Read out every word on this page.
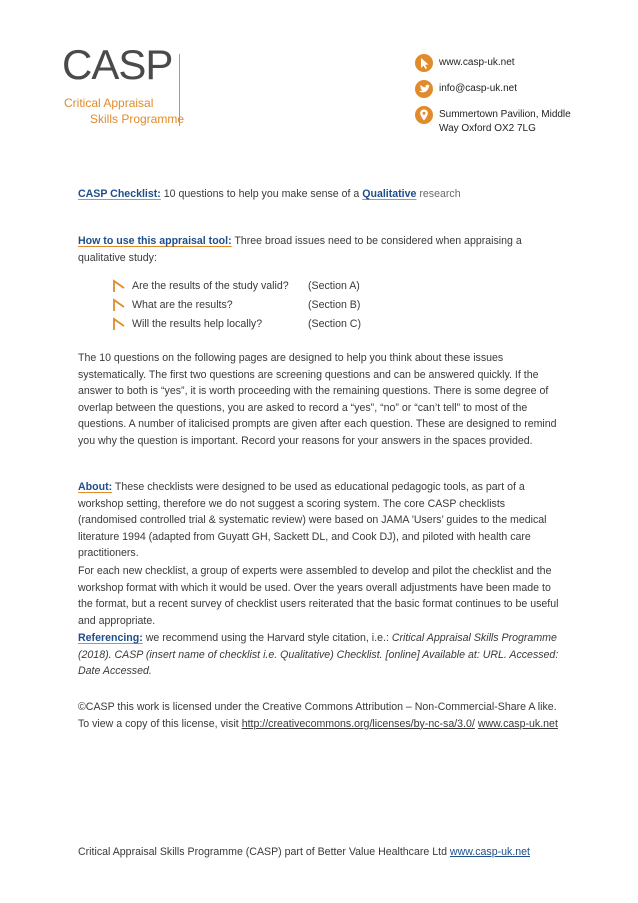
CASP
Critical Appraisal
Skills Programme
www.casp-uk.net
info@casp-uk.net
Summertown Pavilion, Middle Way Oxford OX2 7LG
CASP Checklist: 10 questions to help you make sense of a Qualitative research
How to use this appraisal tool: Three broad issues need to be considered when appraising a qualitative study:
Are the results of the study valid? (Section A)
What are the results?	(Section B)
Will the results help locally?	(Section C)
The 10 questions on the following pages are designed to help you think about these issues systematically. The first two questions are screening questions and can be answered quickly. If the answer to both is “yes”, it is worth proceeding with the remaining questions. There is some degree of overlap between the questions, you are asked to record a “yes”, “no” or “can’t tell” to most of the questions. A number of italicised prompts are given after each question. These are designed to remind you why the question is important. Record your reasons for your answers in the spaces provided.
About: These checklists were designed to be used as educational pedagogic tools, as part of a workshop setting, therefore we do not suggest a scoring system. The core CASP checklists (randomised controlled trial & systematic review) were based on JAMA 'Users’ guides to the medical literature 1994 (adapted from Guyatt GH, Sackett DL, and Cook DJ), and piloted with health care practitioners.
For each new checklist, a group of experts were assembled to develop and pilot the checklist and the workshop format with which it would be used. Over the years overall adjustments have been made to the format, but a recent survey of checklist users reiterated that the basic format continues to be useful and appropriate.
Referencing: we recommend using the Harvard style citation, i.e.: Critical Appraisal Skills Programme (2018). CASP (insert name of checklist i.e. Qualitative) Checklist. [online] Available at: URL. Accessed: Date Accessed.
©CASP this work is licensed under the Creative Commons Attribution – Non-Commercial-Share A like. To view a copy of this license, visit http://creativecommons.org/licenses/by-nc-sa/3.0/ www.casp-uk.net
Critical Appraisal Skills Programme (CASP) part of Better Value Healthcare Ltd www.casp-uk.net
